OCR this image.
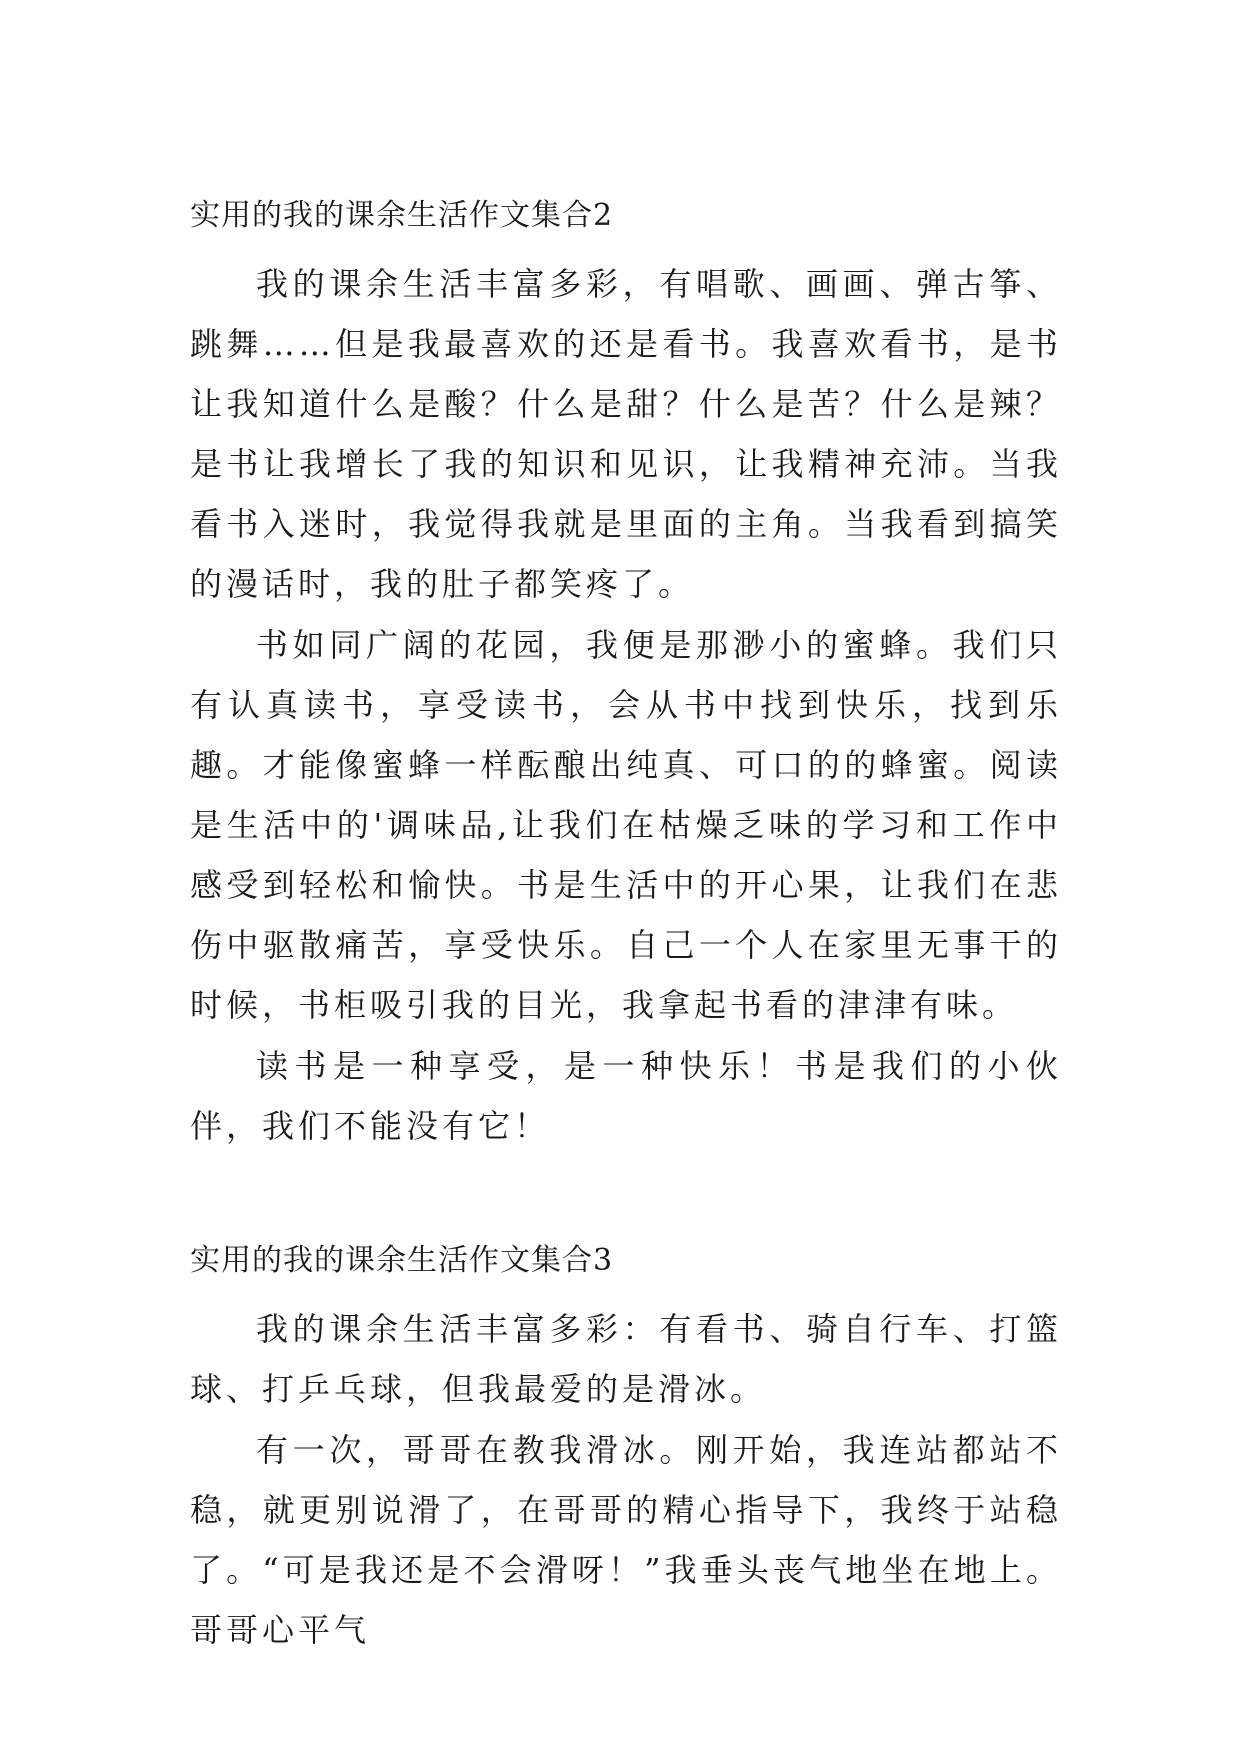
实用的我的课余生活作文集合2

我的课余生活丰富多彩，有唱歌、画画、弹古筝、跳舞……但是我最喜欢的还是看书。我喜欢看书，是书让我知道什么是酸？什么是甜？什么是苦？什么是辣？是书让我增长了我的知识和见识，让我精神充沛。当我看书入迷时，我觉得我就是里面的主角。当我看到搞笑的漫话时，我的肚子都笑疼了。

书如同广阔的花园，我便是那渺小的蜜蜂。我们只有认真读书，享受读书，会从书中找到快乐，找到乐趣。才能像蜜蜂一样酝酿出纯真、可口的的蜂蜜。阅读是生活中的'调味品,让我们在枯燥乏味的学习和工作中感受到轻松和愉快。书是生活中的开心果，让我们在悲伤中驱散痛苦，享受快乐。自己一个人在家里无事干的时候，书柜吸引我的目光，我拿起书看的津津有味。

读书是一种享受，是一种快乐！书是我们的小伙伴，我们不能没有它！

实用的我的课余生活作文集合3

我的课余生活丰富多彩：有看书、骑自行车、打篮球、打乒乓球，但我最爱的是滑冰。

有一次，哥哥在教我滑冰。刚开始，我连站都站不稳，就更别说滑了，在哥哥的精心指导下，我终于站稳了。“可是我还是不会滑呀！”我垂头丧气地坐在地上。哥哥心平气
